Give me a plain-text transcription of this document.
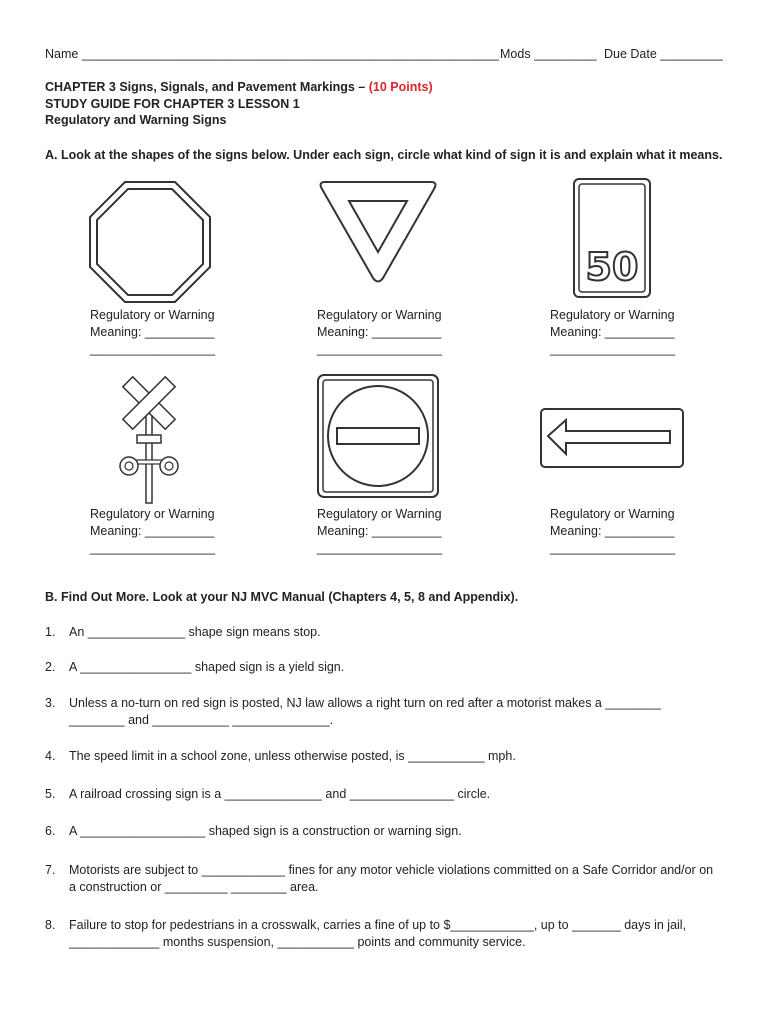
Name ____________________________________________________________ Mods _________ Due Date _________
CHAPTER 3 Signs, Signals, and Pavement Markings – (10 Points)
STUDY GUIDE FOR CHAPTER 3 LESSON 1
Regulatory and Warning Signs
A. Look at the shapes of the signs below. Under each sign, circle what kind of sign it is and explain what it means.
50
Regulatory or Warning
Meaning: __________
__________________
Regulatory or Warning
Meaning: __________
__________________
Regulatory or Warning
Meaning: __________
__________________
Regulatory or Warning
Meaning: __________
__________________
Regulatory or Warning
Meaning: __________
__________________
Regulatory or Warning
Meaning: __________
__________________
B. Find Out More. Look at your NJ MVC Manual (Chapters 4, 5, 8 and Appendix).
1. An ______________ shape sign means stop.
2. A ________________ shaped sign is a yield sign.
3. Unless a no-turn on red sign is posted, NJ law allows a right turn on red after a motorist makes a ________
________ and ___________ ______________.
4. The speed limit in a school zone, unless otherwise posted, is ___________ mph.
5. A railroad crossing sign is a ______________ and _______________ circle.
6. A __________________ shaped sign is a construction or warning sign.
7. Motorists are subject to ____________ fines for any motor vehicle violations committed on a Safe Corridor and/or on
a construction or _________ ________ area.
8. Failure to stop for pedestrians in a crosswalk, carries a fine of up to $____________, up to _______ days in jail,
_____________ months suspension, ___________ points and community service.
